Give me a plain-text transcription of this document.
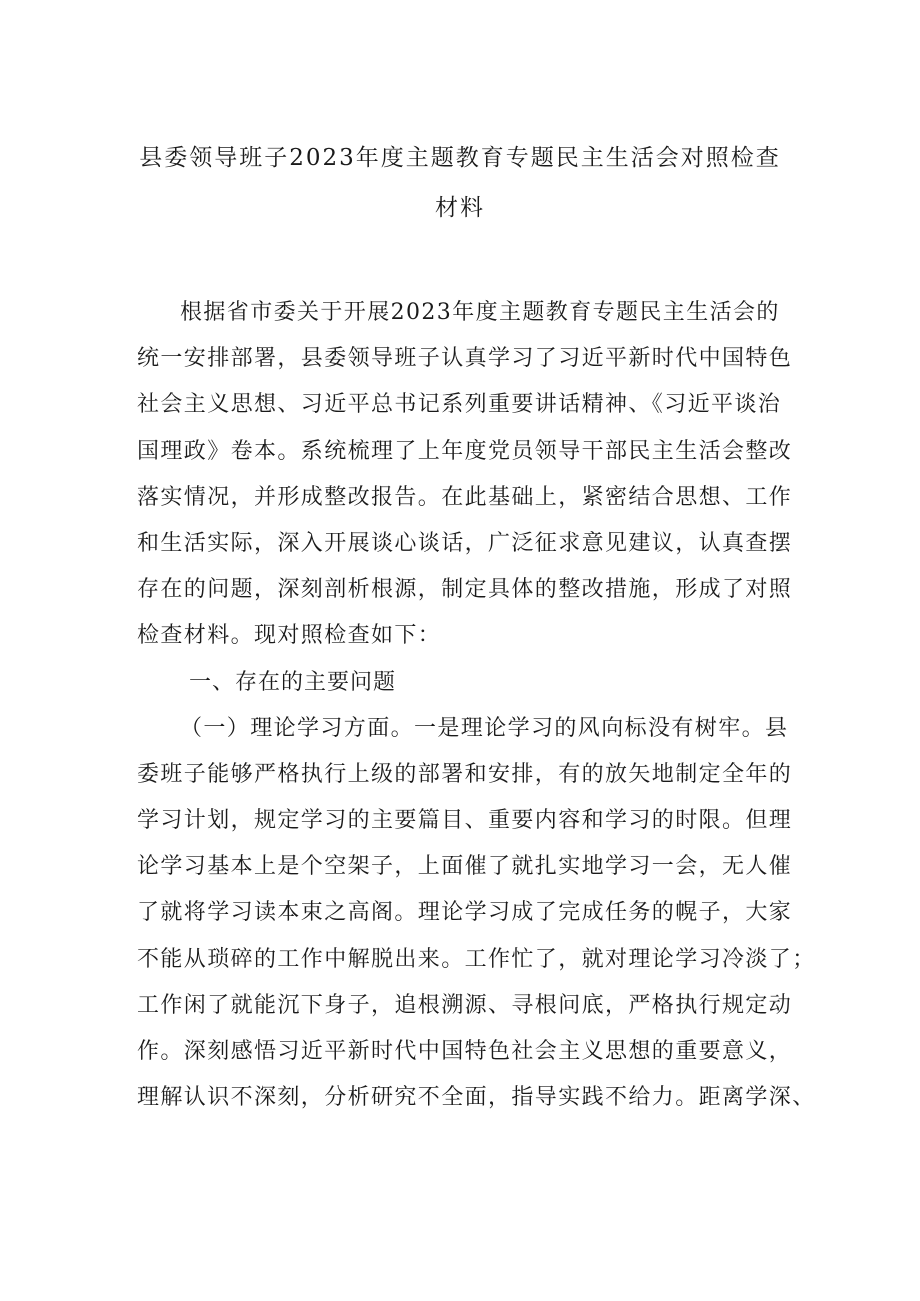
县委领导班子2023年度主题教育专题民主生活会对照检查
材料
根据省市委关于开展2023年度主题教育专题民主生活会的
统一安排部署，县委领导班子认真学习了习近平新时代中国特色
社会主义思想、习近平总书记系列重要讲话精神、《习近平谈治
国理政》卷本。系统梳理了上年度党员领导干部民主生活会整改
落实情况，并形成整改报告。在此基础上，紧密结合思想、工作
和生活实际，深入开展谈心谈话，广泛征求意见建议，认真查摆
存在的问题，深刻剖析根源，制定具体的整改措施，形成了对照
检查材料。现对照检查如下：
一、存在的主要问题
（一）理论学习方面。一是理论学习的风向标没有树牢。县
委班子能够严格执行上级的部署和安排，有的放矢地制定全年的
学习计划，规定学习的主要篇目、重要内容和学习的时限。但理
论学习基本上是个空架子，上面催了就扎实地学习一会，无人催
了就将学习读本束之高阁。理论学习成了完成任务的幌子，大家
不能从琐碎的工作中解脱出来。工作忙了，就对理论学习冷淡了；
工作闲了就能沉下身子，追根溯源、寻根问底，严格执行规定动
作。深刻感悟习近平新时代中国特色社会主义思想的重要意义，
理解认识不深刻，分析研究不全面，指导实践不给力。距离学深、
